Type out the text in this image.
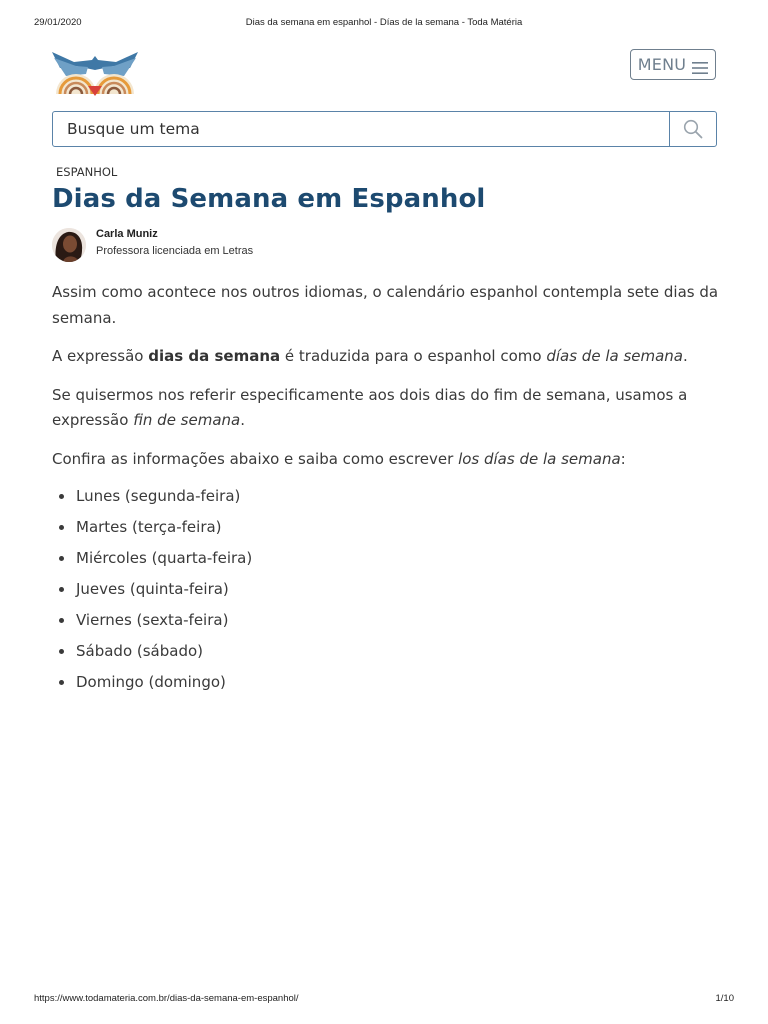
29/01/2020	Dias da semana em espanhol - Días de la semana - Toda Matéria
MENU
Busque um tema
ESPANHOL
Dias da Semana em Espanhol
Carla Muniz
Professora licenciada em Letras

Assim como acontece nos outros idiomas, o calendário espanhol contempla sete dias da semana.

A expressão dias da semana é traduzida para o espanhol como días de la semana.

Se quisermos nos referir especificamente aos dois dias do fim de semana, usamos a expressão fin de semana.

Confira as informações abaixo e saiba como escrever los días de la semana:

Lunes (segunda-feira)
Martes (terça-feira)
Miércoles (quarta-feira)
Jueves (quinta-feira)
Viernes (sexta-feira)
Sábado (sábado)
Domingo (domingo)
https://www.todamateria.com.br/dias-da-semana-em-espanhol/	1/10
